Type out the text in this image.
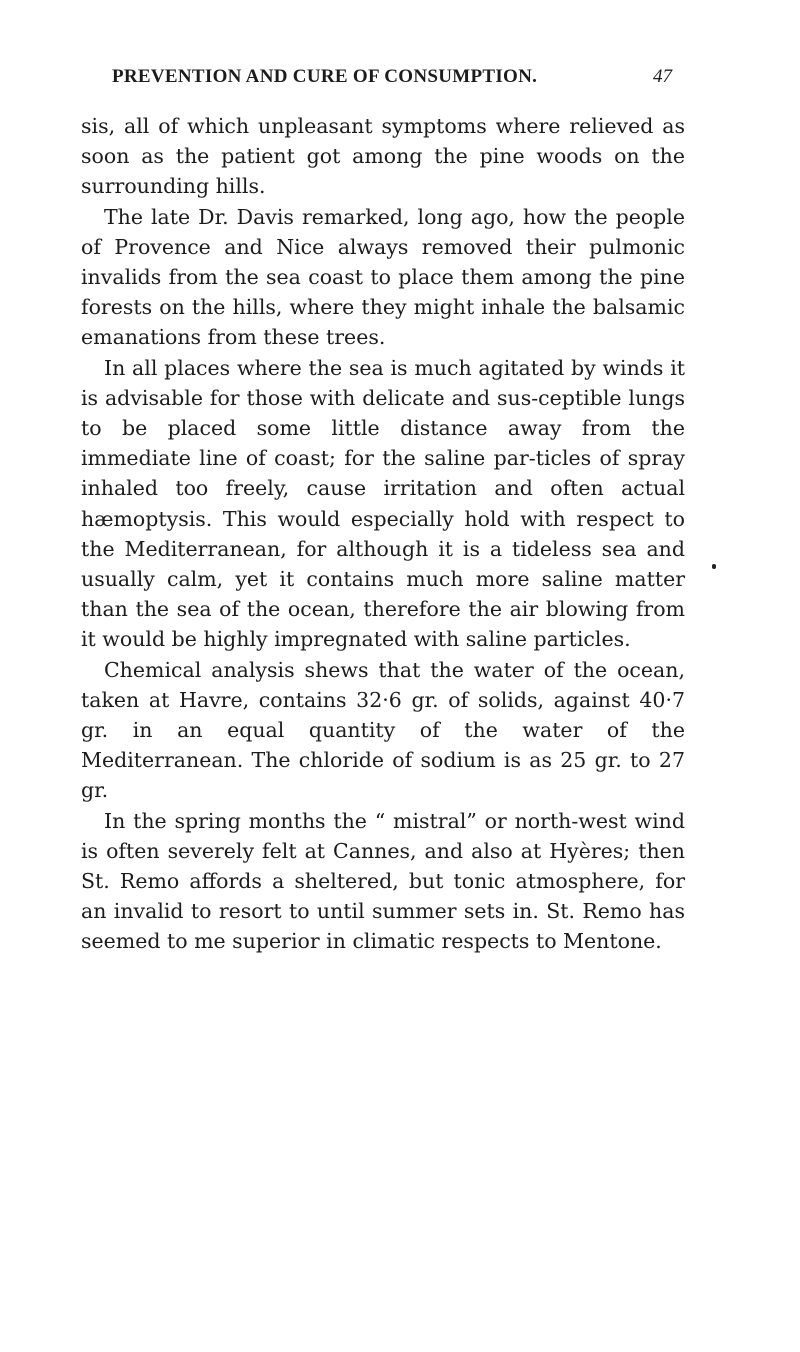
PREVENTION AND CURE OF CONSUMPTION.	47

sis, all of which unpleasant symptoms where relieved as soon as the patient got among the pine woods on the surrounding hills.

The late Dr. Davis remarked, long ago, how the people of Provence and Nice always removed their pulmonic invalids from the sea coast to place them among the pine forests on the hills, where they might inhale the balsamic emanations from these trees.

In all places where the sea is much agitated by winds it is advisable for those with delicate and sus-ceptible lungs to be placed some little distance away from the immediate line of coast; for the saline par-ticles of spray inhaled too freely, cause irritation and often actual hæmoptysis. This would especially hold with respect to the Mediterranean, for although it is a tideless sea and usually calm, yet it contains much more saline matter than the sea of the ocean, therefore the air blowing from it would be highly impregnated with saline particles.

Chemical analysis shews that the water of the ocean, taken at Havre, contains 32·6 gr. of solids, against 40·7 gr. in an equal quantity of the water of the Mediterranean. The chloride of sodium is as 25 gr. to 27 gr.

In the spring months the “ mistral” or north-west wind is often severely felt at Cannes, and also at Hyères; then St. Remo affords a sheltered, but tonic atmosphere, for an invalid to resort to until summer sets in. St. Remo has seemed to me superior in climatic respects to Mentone.
